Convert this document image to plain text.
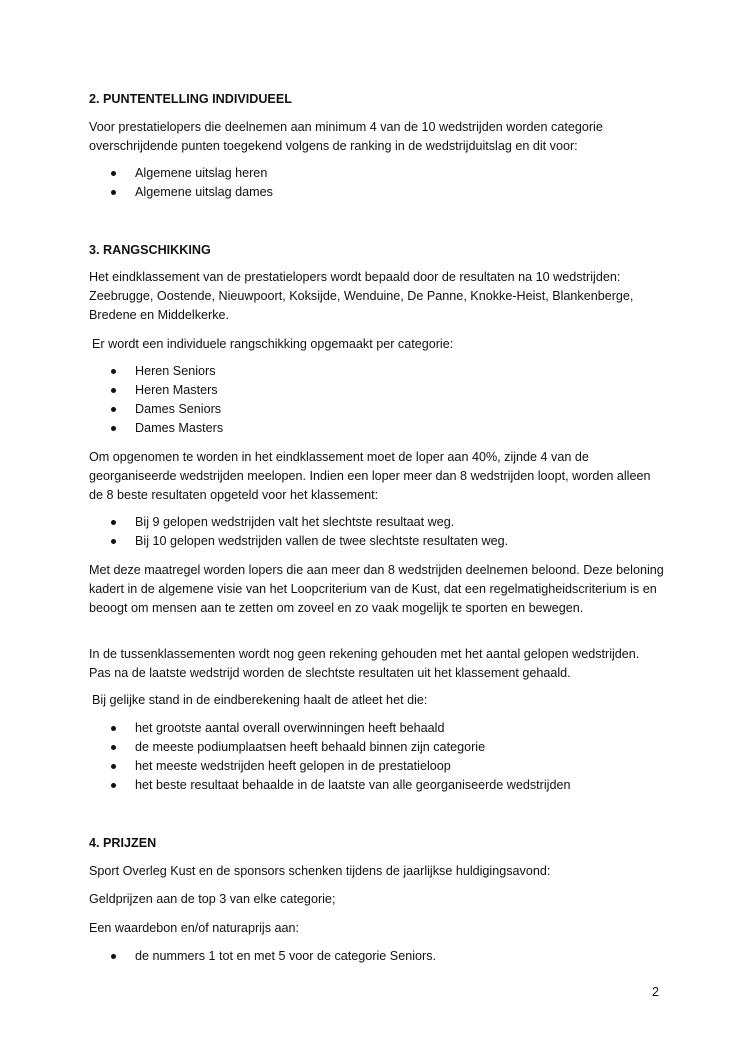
2. PUNTENTELLING INDIVIDUEEL

Voor prestatielopers die deelnemen aan minimum 4 van de 10 wedstrijden worden categorie overschrijdende punten toegekend volgens de ranking in de wedstrijduitslag en dit voor:

Algemene uitslag heren
Algemene uitslag dames

3. RANGSCHIKKING

Het eindklassement van de prestatielopers wordt bepaald door de resultaten na 10 wedstrijden: Zeebrugge, Oostende, Nieuwpoort, Koksijde, Wenduine, De Panne, Knokke-Heist, Blankenberge, Bredene en Middelkerke.

Er wordt een individuele rangschikking opgemaakt per categorie:

Heren Seniors
Heren Masters
Dames Seniors
Dames Masters

Om opgenomen te worden in het eindklassement moet de loper aan 40%, zijnde 4 van de georganiseerde wedstrijden meelopen. Indien een loper meer dan 8 wedstrijden loopt, worden alleen de 8 beste resultaten opgeteld voor het klassement:

Bij 9 gelopen wedstrijden valt het slechtste resultaat weg.
Bij 10 gelopen wedstrijden vallen de twee slechtste resultaten weg.

Met deze maatregel worden lopers die aan meer dan 8 wedstrijden deelnemen beloond. Deze beloning kadert in de algemene visie van het Loopcriterium van de Kust, dat een regelmatigheidscriterium is en beoogt om mensen aan te zetten om zoveel en zo vaak mogelijk te sporten en bewegen.

In de tussenklassementen wordt nog geen rekening gehouden met het aantal gelopen wedstrijden. Pas na de laatste wedstrijd worden de slechtste resultaten uit het klassement gehaald.

Bij gelijke stand in de eindberekening haalt de atleet het die:

het grootste aantal overall overwinningen heeft behaald
de meeste podiumplaatsen heeft behaald binnen zijn categorie
het meeste wedstrijden heeft gelopen in de prestatieloop
het beste resultaat behaalde in de laatste van alle georganiseerde wedstrijden

4. PRIJZEN

Sport Overleg Kust en de sponsors schenken tijdens de jaarlijkse huldigingsavond:

Geldprijzen aan de top 3 van elke categorie;

Een waardebon en/of naturaprijs aan:

de nummers 1 tot en met 5 voor de categorie Seniors.
2
